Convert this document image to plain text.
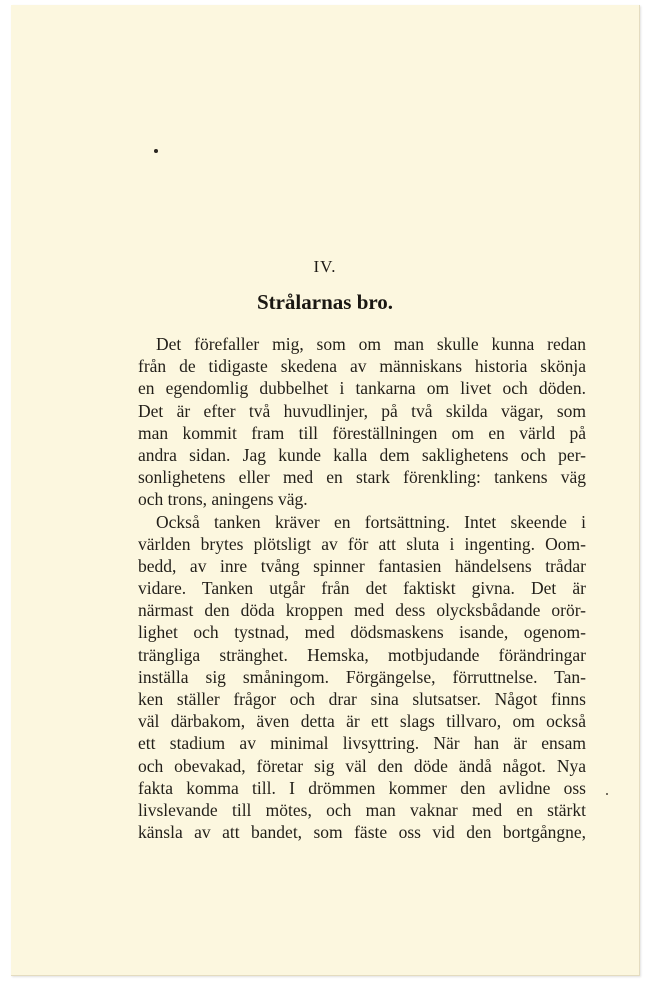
IV.
Strålarnas bro.
Det förefaller mig, som om man skulle kunna redan
från de tidigaste skedena av människans historia skönja
en egendomlig dubbelhet i tankarna om livet och döden.
Det är efter två huvudlinjer, på två skilda vägar, som
man kommit fram till föreställningen om en värld på
andra sidan. Jag kunde kalla dem saklighetens och per-
sonlighetens eller med en stark förenkling: tankens väg
och trons, aningens väg.
Också tanken kräver en fortsättning. Intet skeende i
världen brytes plötsligt av för att sluta i ingenting. Oom-
bedd, av inre tvång spinner fantasien händelsens trådar
vidare. Tanken utgår från det faktiskt givna. Det är
närmast den döda kroppen med dess olycksbådande orör-
lighet och tystnad, med dödsmaskens isande, ogenom-
trängliga stränghet. Hemska, motbjudande förändringar
inställa sig småningom. Förgängelse, förruttnelse. Tan-
ken ställer frågor och drar sina slutsatser. Något finns
väl därbakom, även detta är ett slags tillvaro, om också
ett stadium av minimal livsyttring. När han är ensam
och obevakad, företar sig väl den döde ändå något. Nya
fakta komma till. I drömmen kommer den avlidne oss
livslevande till mötes, och man vaknar med en stärkt
känsla av att bandet, som fäste oss vid den bortgångne,
